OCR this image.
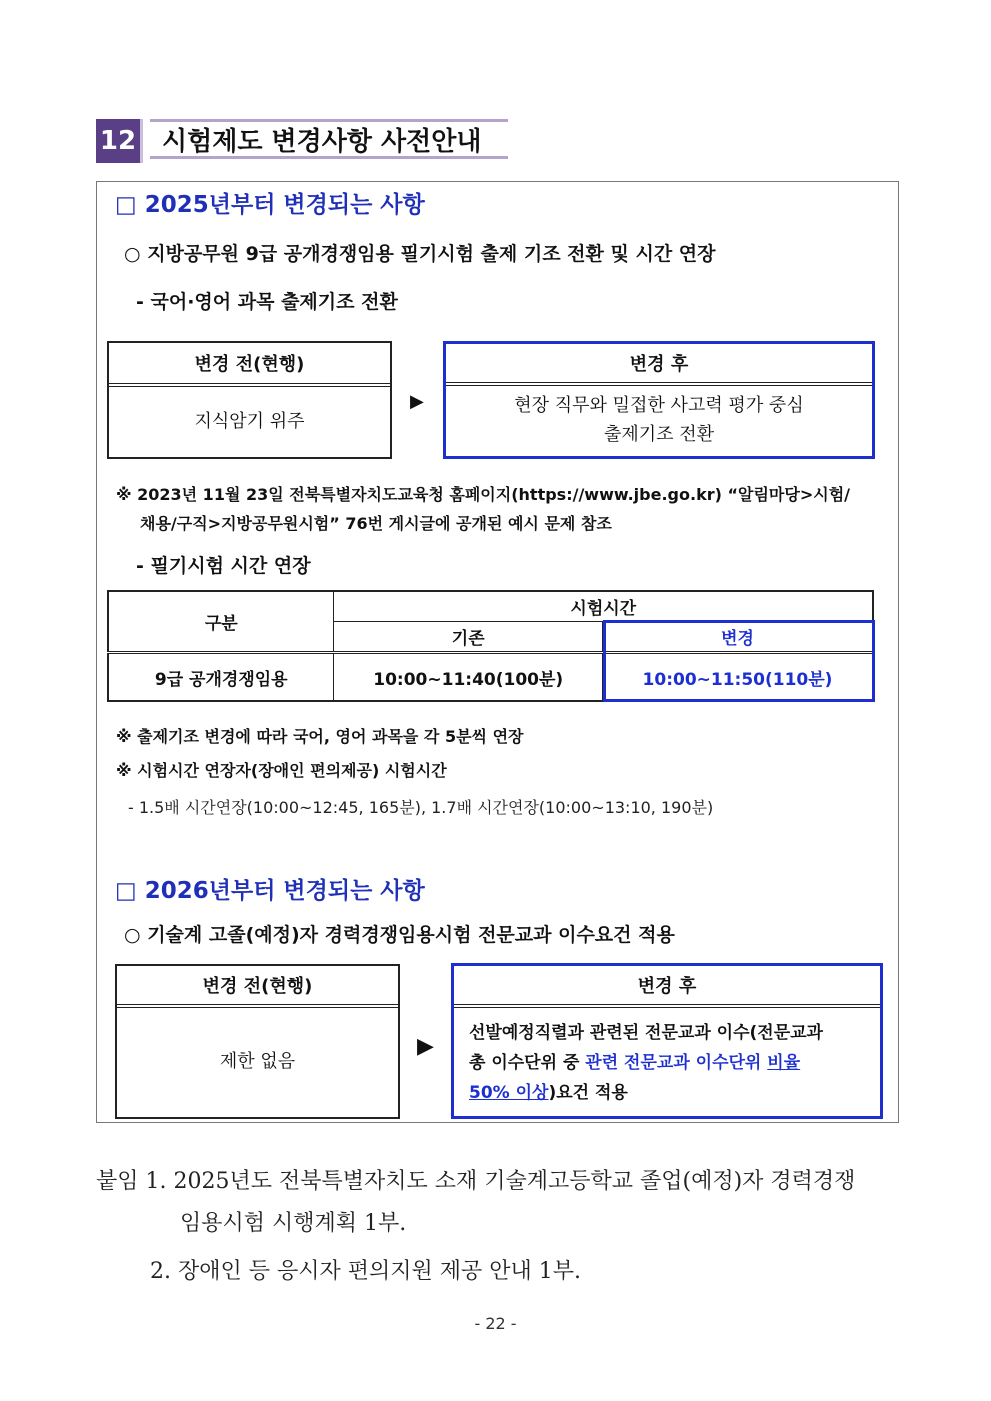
12 시험제도 변경사항 사전안내
□ 2025년부터 변경되는 사항
○ 지방공무원 9급 공개경쟁임용 필기시험 출제 기조 전환 및 시간 연장
- 국어·영어 과목 출제기조 전환
변경 전(현행)
지식암기 위주
▶
변경 후
현장 직무와 밀접한 사고력 평가 중심
출제기조 전환
※ 2023년 11월 23일 전북특별자치도교육청 홈페이지(https://www.jbe.go.kr) “알림마당>시험/
채용/구직>지방공무원시험” 76번 게시글에 공개된 예시 문제 참조
- 필기시험 시간 연장
구분	시험시간	
	기존	변경
9급 공개경쟁임용	10:00~11:40(100분)	10:00~11:50(110분)
※ 출제기조 변경에 따라 국어, 영어 과목을 각 5분씩 연장
※ 시험시간 연장자(장애인 편의제공) 시험시간
- 1.5배 시간연장(10:00~12:45, 165분), 1.7배 시간연장(10:00~13:10, 190분)
□ 2026년부터 변경되는 사항
○ 기술계 고졸(예정)자 경력경쟁임용시험 전문교과 이수요건 적용
변경 전(현행)
제한 없음
▶
변경 후
선발예정직렬과 관련된 전문교과 이수(전문교과
총 이수단위 중 관련 전문교과 이수단위 비율
50% 이상)요건 적용
붙임 1. 2025년도 전북특별자치도 소재 기술계고등학교 졸업(예정)자 경력경쟁
임용시험 시행계획 1부.
2. 장애인 등 응시자 편의지원 제공 안내 1부.
- 22 -
